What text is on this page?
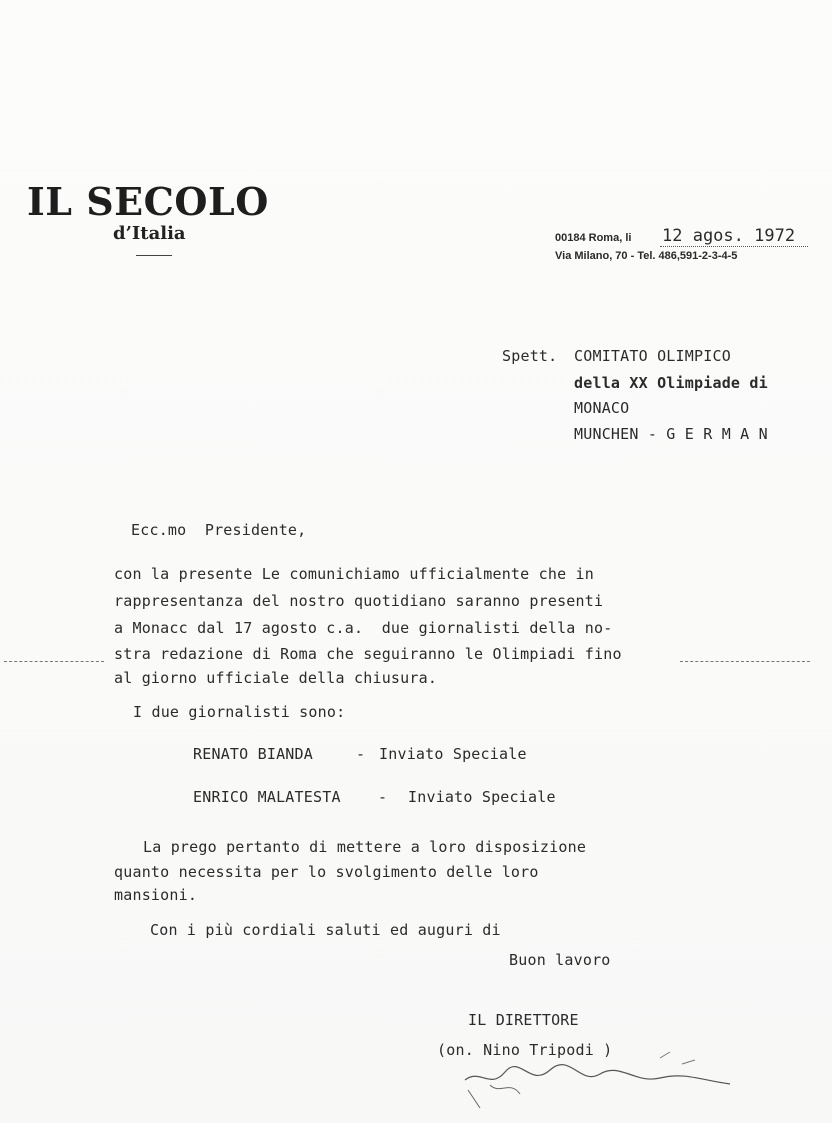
IL SECOLO
d’Italia	00184 Roma, li 12 agos. 1972
Via Milano, 70 - Tel. 486,591-2-3-4-5
Spett. COMITATO OLIMPICO
della XX Olimpiade di
MONACO
MUNCHEN - G E R M A N
Ecc.mo  Presidente,
con la presente Le comunichiamo ufficialmente che in
rappresentanza del nostro quotidiano saranno presenti
a Monacc dal 17 agosto c.a.  due giornalisti della no-
stra redazione di Roma che seguiranno le Olimpiadi fino
al giorno ufficiale della chiusura.
I due giornalisti sono:
RENATO BIANDA	- Inviato Speciale
ENRICO MALATESTA - Inviato Speciale
La prego pertanto di mettere a loro disposizione
quanto necessita per lo svolgimento delle loro
mansioni.
Con i più cordiali saluti ed auguri di
Buon lavoro
IL DIRETTORE
(on. Nino Tripodi )
